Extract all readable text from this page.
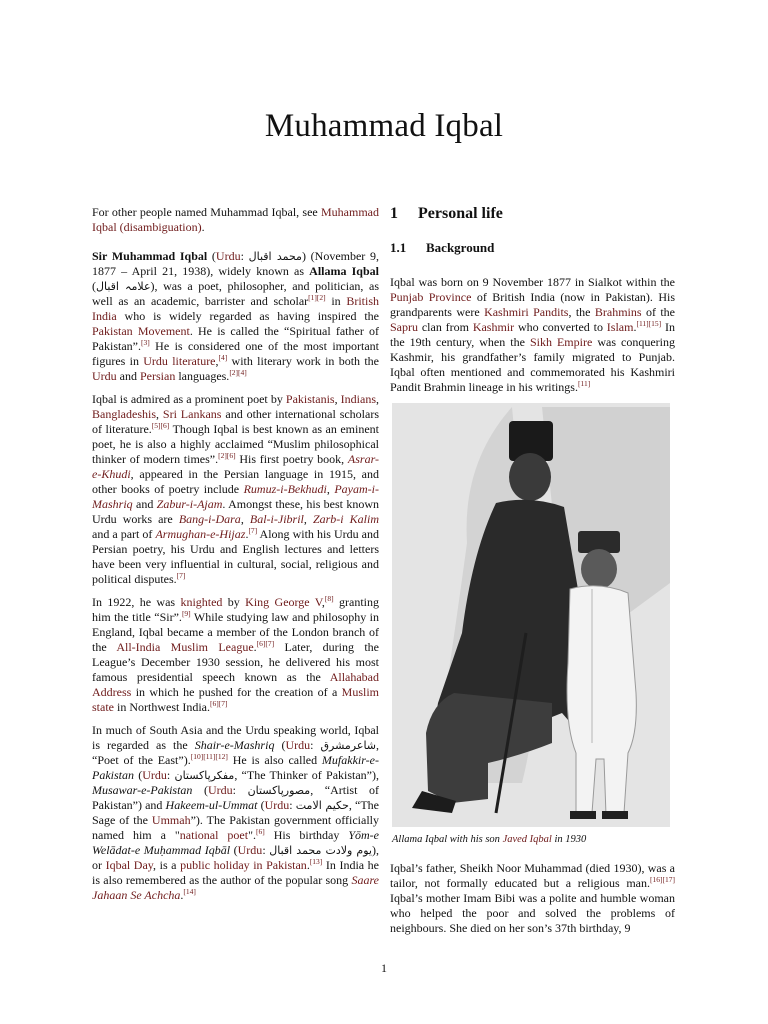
Muhammad Iqbal

For other people named Muhammad Iqbal, see Muhammad Iqbal (disambiguation).

Sir Muhammad Iqbal (Urdu: محمد اقبال) (November 9, 1877 – April 21, 1938), widely known as Allama Iqbal (علامہ اقبال), was a poet, philosopher, and politician, as well as an academic, barrister and scholar[1][2] in British India who is widely regarded as having inspired the Pakistan Movement. He is called the “Spiritual father of Pakistan”.[3] He is considered one of the most important figures in Urdu literature,[4] with literary work in both the Urdu and Persian languages.[2][4]

Iqbal is admired as a prominent poet by Pakistanis, Indians, Bangladeshis, Sri Lankans and other international scholars of literature.[5][6] Though Iqbal is best known as an eminent poet, he is also a highly acclaimed “Muslim philosophical thinker of modern times”.[2][6] His first poetry book, Asrar-e-Khudi, appeared in the Persian language in 1915, and other books of poetry include Rumuz-i-Bekhudi, Payam-i-Mashriq and Zabur-i-Ajam. Amongst these, his best known Urdu works are Bang-i-Dara, Bal-i-Jibril, Zarb-i Kalim and a part of Armughan-e-Hijaz.[7] Along with his Urdu and Persian poetry, his Urdu and English lectures and letters have been very influential in cultural, social, religious and political disputes.[7]

In 1922, he was knighted by King George V,[8] granting him the title “Sir”.[9] While studying law and philosophy in England, Iqbal became a member of the London branch of the All-India Muslim League.[6][7] Later, during the League’s December 1930 session, he delivered his most famous presidential speech known as the Allahabad Address in which he pushed for the creation of a Muslim state in Northwest India.[6][7]

In much of South Asia and the Urdu speaking world, Iqbal is regarded as the Shair-e-Mashriq (Urdu: شاعرمشرق, “Poet of the East”).[10][11][12] He is also called Mufakkir-e-Pakistan (Urdu: مفکرپاکستان, “The Thinker of Pakistan”), Musawar-e-Pakistan (Urdu: مصورپاکستان, “Artist of Pakistan”) and Hakeem-ul-Ummat (Urdu: حکیم الامت, “The Sage of the Ummah”). The Pakistan government officially named him a "national poet".[6] His birthday Yōm-e Welādat-e Muḥammad Iqbāl (Urdu: یوم ولادت محمد اقبال), or Iqbal Day, is a public holiday in Pakistan.[13] In India he is also remembered as the author of the popular song Saare Jahaan Se Achcha.[14]

1 Personal life
1.1 Background

Iqbal was born on 9 November 1877 in Sialkot within the Punjab Province of British India (now in Pakistan). His grandparents were Kashmiri Pandits, the Brahmins of the Sapru clan from Kashmir who converted to Islam.[11][15] In the 19th century, when the Sikh Empire was conquering Kashmir, his grandfather’s family migrated to Punjab. Iqbal often mentioned and commemorated his Kashmiri Pandit Brahmin lineage in his writings.[11]

Allama Iqbal with his son Javed Iqbal in 1930

Iqbal’s father, Sheikh Noor Muhammad (died 1930), was a tailor, not formally educated but a religious man.[16][17] Iqbal’s mother Imam Bibi was a polite and humble woman who helped the poor and solved the problems of neighbours. She died on her son’s 37th birthday, 9

1
